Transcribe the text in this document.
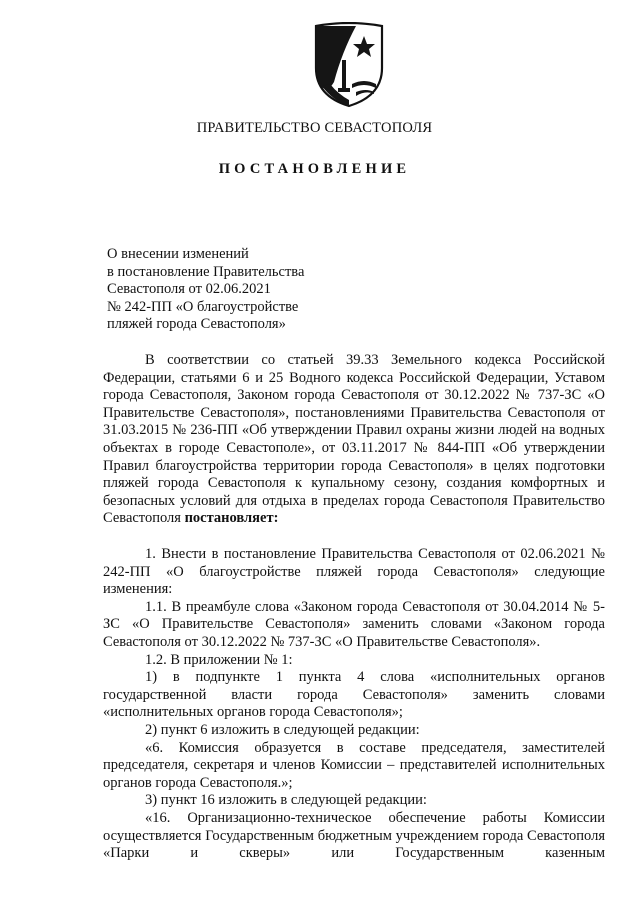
ПРАВИТЕЛЬСТВО СЕВАСТОПОЛЯ
ПОСТАНОВЛЕНИЕ
О внесении изменений
в постановление Правительства
Севастополя от 02.06.2021
№ 242-ПП «О благоустройстве
пляжей города Севастополя»

В соответствии со статьей 39.33 Земельного кодекса Российской Федерации, статьями 6 и 25 Водного кодекса Российской Федерации, Уставом города Севастополя, Законом города Севастополя от 30.12.2022 № 737-ЗС «О Правительстве Севастополя», постановлениями Правительства Севастополя от 31.03.2015 № 236-ПП «Об утверждении Правил охраны жизни людей на водных объектах в городе Севастополе», от 03.11.2017 № 844-ПП «Об утверждении Правил благоустройства территории города Севастополя» в целях подготовки пляжей города Севастополя к купальному сезону, создания комфортных и безопасных условий для отдыха в пределах города Севастополя Правительство Севастополя постановляет:

1. Внести в постановление Правительства Севастополя от 02.06.2021 № 242-ПП «О благоустройстве пляжей города Севастополя» следующие изменения:

1.1. В преамбуле слова «Законом города Севастополя от 30.04.2014 № 5-ЗС «О Правительстве Севастополя» заменить словами «Законом города Севастополя от 30.12.2022 № 737-ЗС «О Правительстве Севастополя».

1.2. В приложении № 1:

1) в подпункте 1 пункта 4 слова «исполнительных органов государственной власти города Севастополя» заменить словами «исполнительных органов города Севастополя»;

2) пункт 6 изложить в следующей редакции:

«6. Комиссия образуется в составе председателя, заместителей председателя, секретаря и членов Комиссии – представителей исполнительных органов города Севастополя.»;

3) пункт 16 изложить в следующей редакции:

«16. Организационно-техническое обеспечение работы Комиссии осуществляется Государственным бюджетным учреждением города Севастополя «Парки и скверы» или Государственным казенным
